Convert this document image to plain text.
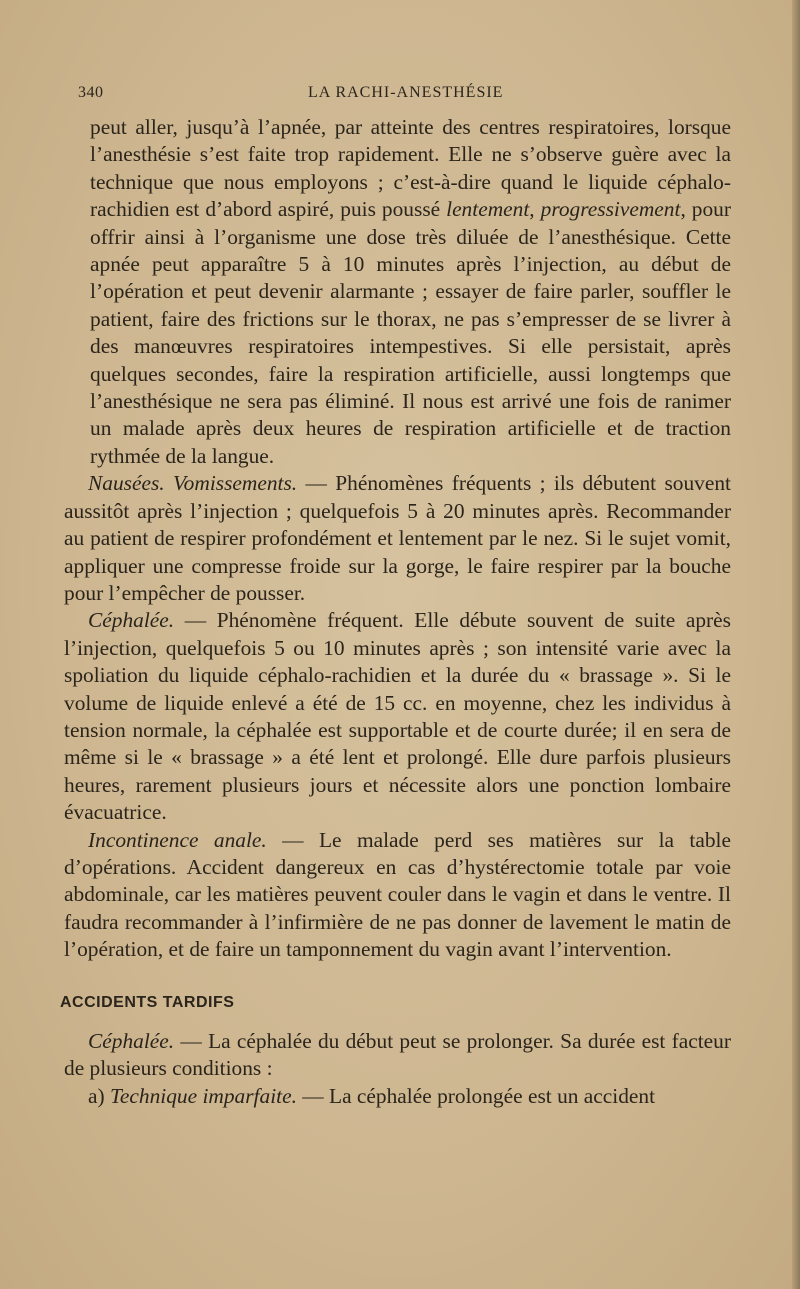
340	LA RACHI-ANESTHÉSIE

peut aller, jusqu’à l’apnée, par atteinte des centres respiratoires, lorsque l’anesthésie s’est faite trop rapidement. Elle ne s’observe guère avec la technique que nous employons ; c’est-à-dire quand le liquide céphalo-rachidien est d’abord aspiré, puis poussé lentement, progressivement, pour offrir ainsi à l’organisme une dose très diluée de l’anesthésique. Cette apnée peut apparaître 5 à 10 minutes après l’injection, au début de l’opération et peut devenir alarmante ; essayer de faire parler, souffler le patient, faire des frictions sur le thorax, ne pas s’empresser de se livrer à des manœuvres respiratoires intempestives. Si elle persistait, après quelques secondes, faire la respiration artificielle, aussi longtemps que l’anesthésique ne sera pas éliminé. Il nous est arrivé une fois de ranimer un malade après deux heures de respiration artificielle et de traction rythmée de la langue.

Nausées. Vomissements. — Phénomènes fréquents ; ils débutent souvent aussitôt après l’injection ; quelquefois 5 à 20 minutes après. Recommander au patient de respirer profondément et lentement par le nez. Si le sujet vomit, appliquer une compresse froide sur la gorge, le faire respirer par la bouche pour l’empêcher de pousser.

Céphalée. — Phénomène fréquent. Elle débute souvent de suite après l’injection, quelquefois 5 ou 10 minutes après ; son intensité varie avec la spoliation du liquide céphalo-rachidien et la durée du « brassage ». Si le volume de liquide enlevé a été de 15 cc. en moyenne, chez les individus à tension normale, la céphalée est supportable et de courte durée; il en sera de même si le « brassage » a été lent et prolongé. Elle dure parfois plusieurs heures, rarement plusieurs jours et nécessite alors une ponction lombaire évacuatrice.

Incontinence anale. — Le malade perd ses matières sur la table d’opérations. Accident dangereux en cas d’hystérectomie totale par voie abdominale, car les matières peuvent couler dans le vagin et dans le ventre. Il faudra recommander à l’infirmière de ne pas donner de lavement le matin de l’opération, et de faire un tamponnement du vagin avant l’intervention.

ACCIDENTS TARDIFS

Céphalée. — La céphalée du début peut se prolonger. Sa durée est facteur de plusieurs conditions :

a) Technique imparfaite. — La céphalée prolongée est un accident
